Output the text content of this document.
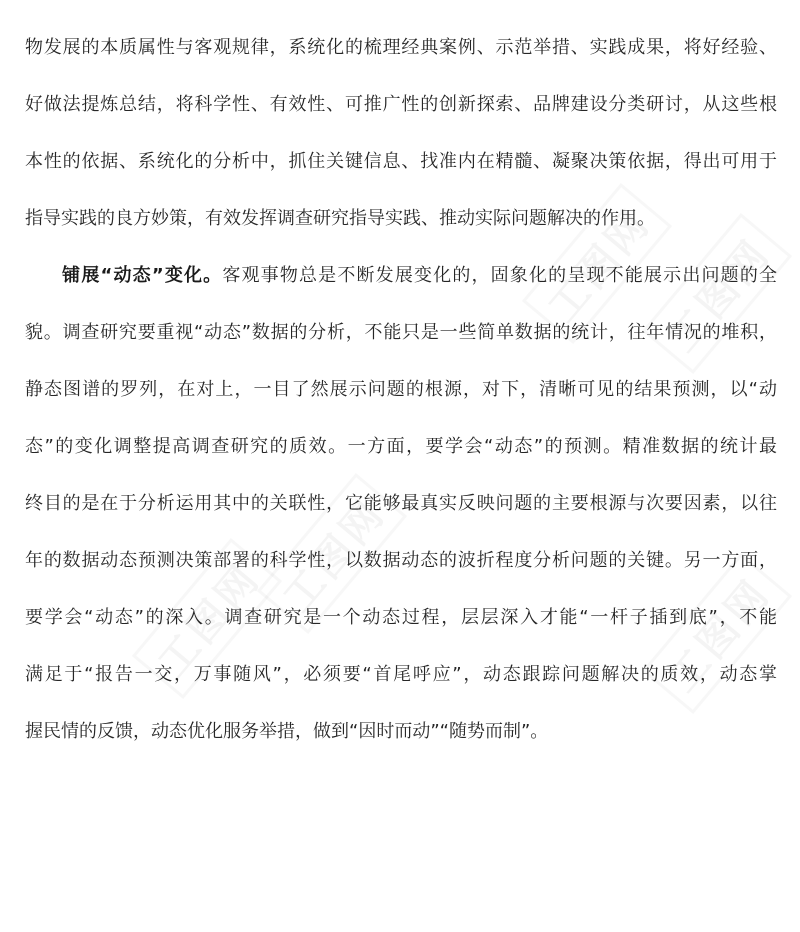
工图网 工图网
工图网
工图网	工图网
物发展的本质属性与客观规律，系统化的梳理经典案例、示范举措、实践成果，将好经验、
好做法提炼总结，将科学性、有效性、可推广性的创新探索、品牌建设分类研讨，从这些根
本性的依据、系统化的分析中，抓住关键信息、找准内在精髓、凝聚决策依据，得出可用于
指导实践的良方妙策，有效发挥调查研究指导实践、推动实际问题解决的作用。
铺展“动态”变化。客观事物总是不断发展变化的，固象化的呈现不能展示出问题的全
貌。调查研究要重视“动态”数据的分析，不能只是一些简单数据的统计，往年情况的堆积，
静态图谱的罗列，在对上，一目了然展示问题的根源，对下，清晰可见的结果预测，以“动
态”的变化调整提高调查研究的质效。一方面，要学会“动态”的预测。精准数据的统计最
终目的是在于分析运用其中的关联性，它能够最真实反映问题的主要根源与次要因素，以往
年的数据动态预测决策部署的科学性，以数据动态的波折程度分析问题的关键。另一方面，
要学会“动态”的深入。调查研究是一个动态过程，层层深入才能“一杆子插到底”，不能
满足于“报告一交，万事随风”，必须要“首尾呼应”，动态跟踪问题解决的质效，动态掌
握民情的反馈，动态优化服务举措，做到“因时而动”“随势而制”。
